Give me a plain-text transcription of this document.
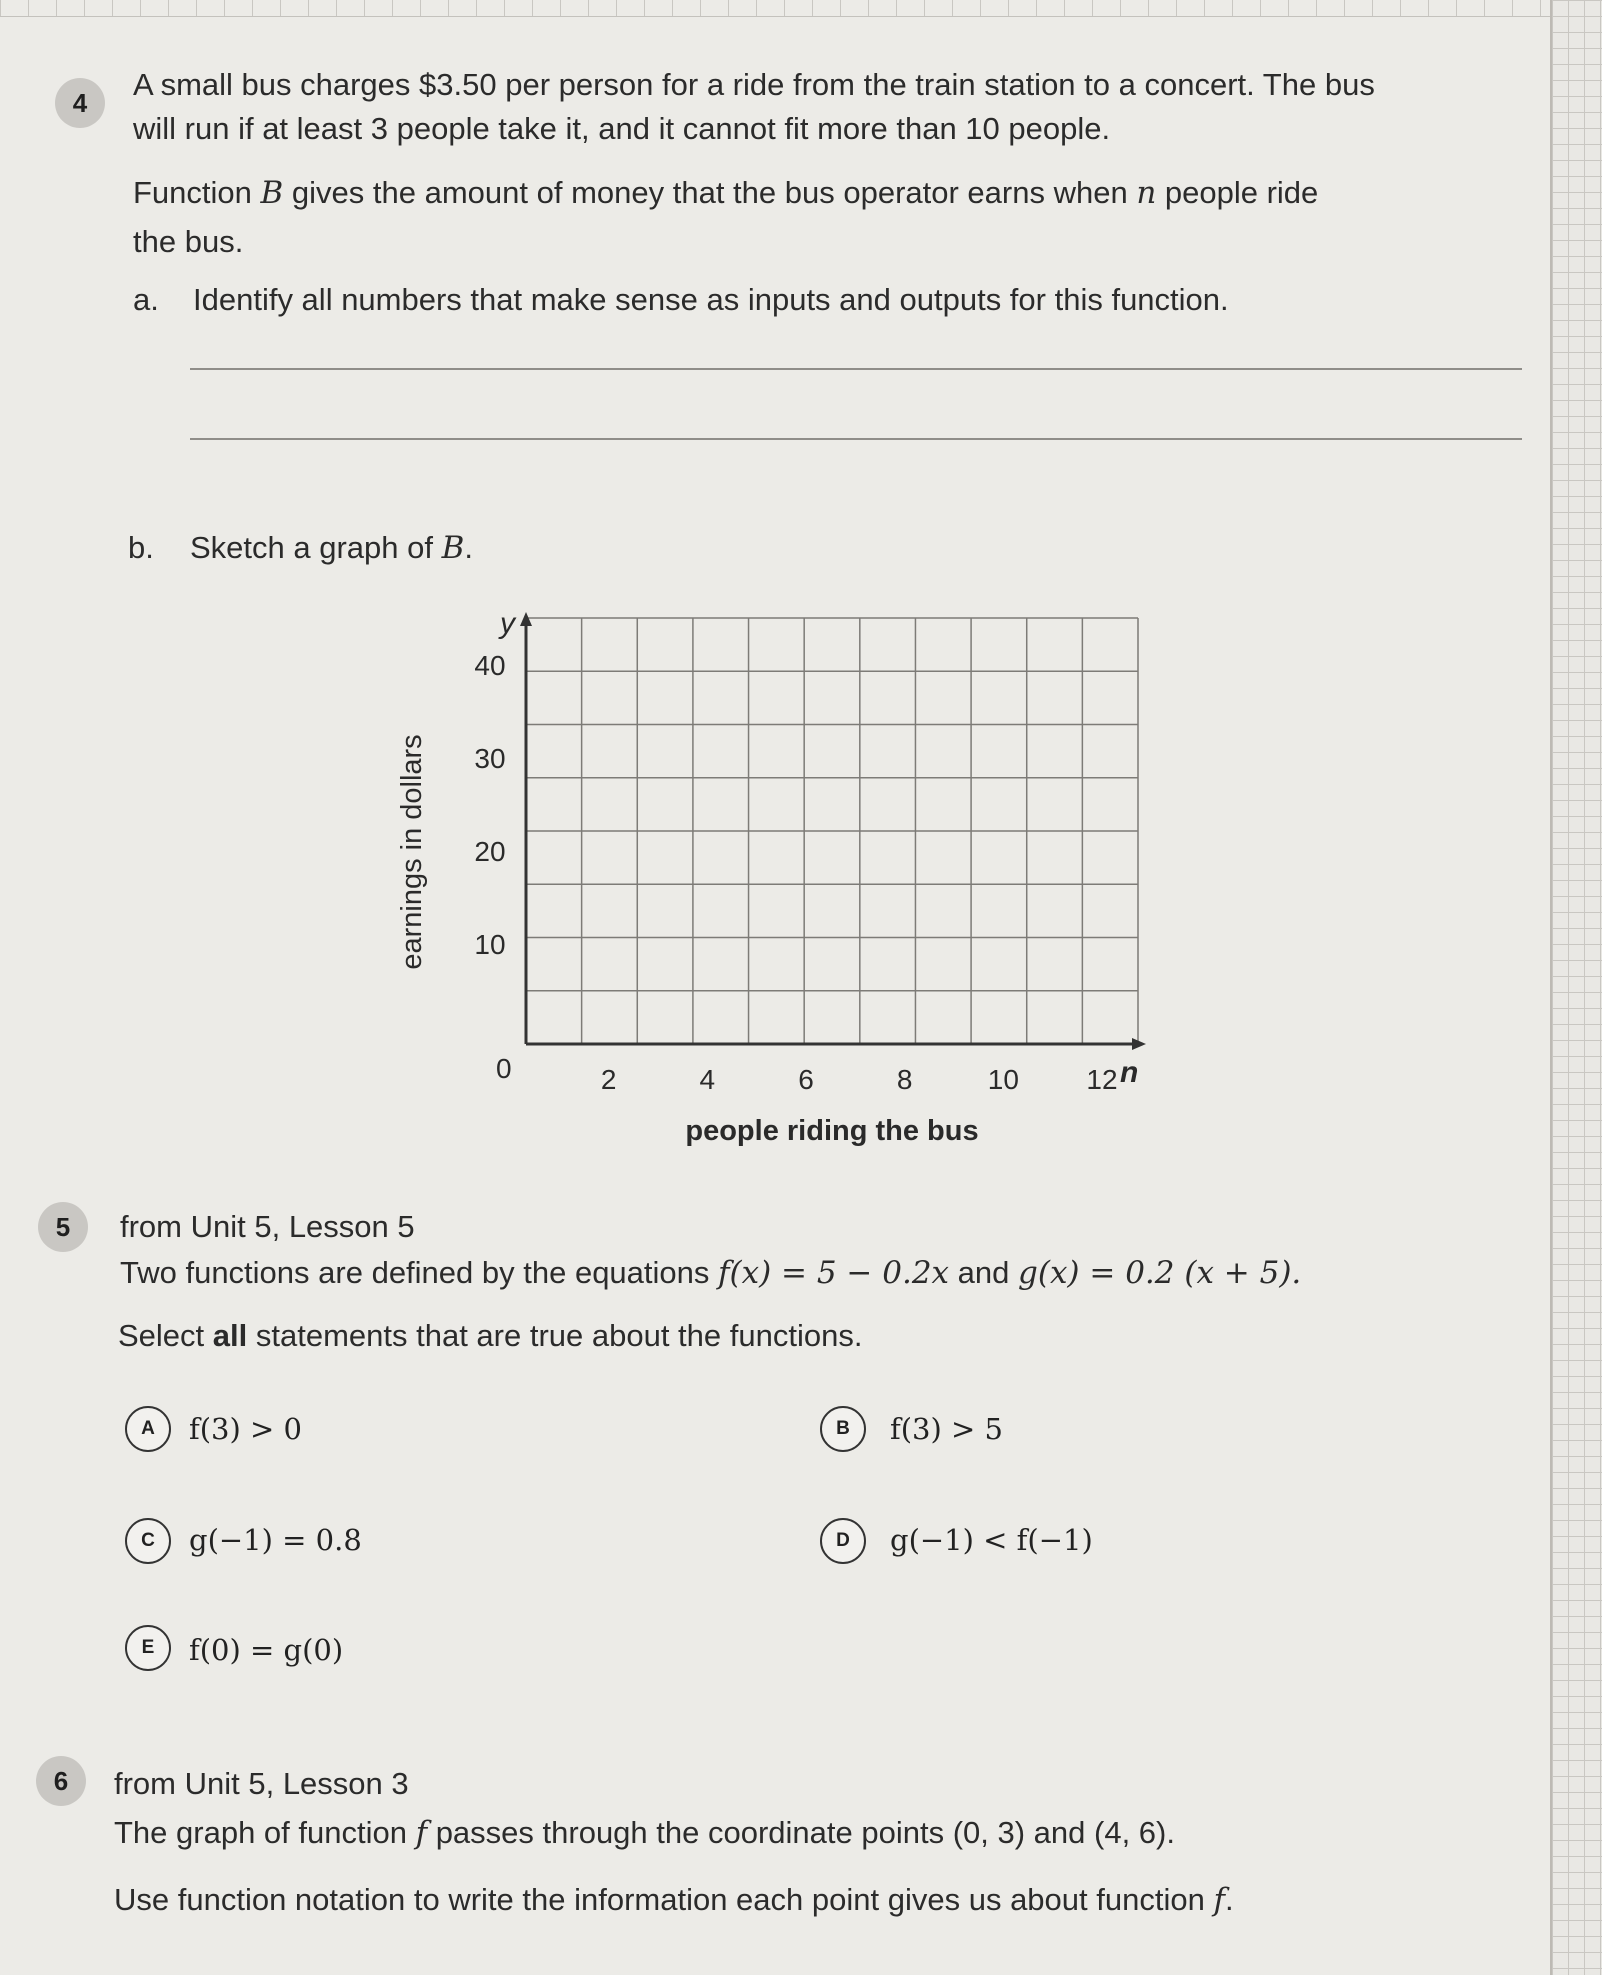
4
A small bus charges $3.50 per person for a ride from the train station to a concert. The bus
will run if at least 3 people take it, and it cannot fit more than 10 people.
Function B gives the amount of money that the bus operator earns when n people ride
the bus.
a. Identify all numbers that make sense as inputs and outputs for this function.
b. Sketch a graph of B.
2	4	6	8	10 12
10
20
30
40
y
n
0
earnings in dollars
people riding the bus
5	from Unit 5, Lesson 5
Two functions are defined by the equations f(x) = 5 − 0.2x and g(x) = 0.2 (x + 5).
Select all statements that are true about the functions.
A	f(3) > 0	B	f(3) > 5
C	g(−1) = 0.8	D	g(−1) < f(−1)
E	f(0) = g(0)
6	from Unit 5, Lesson 3
The graph of function f passes through the coordinate points (0, 3) and (4, 6).
Use function notation to write the information each point gives us about function f.
